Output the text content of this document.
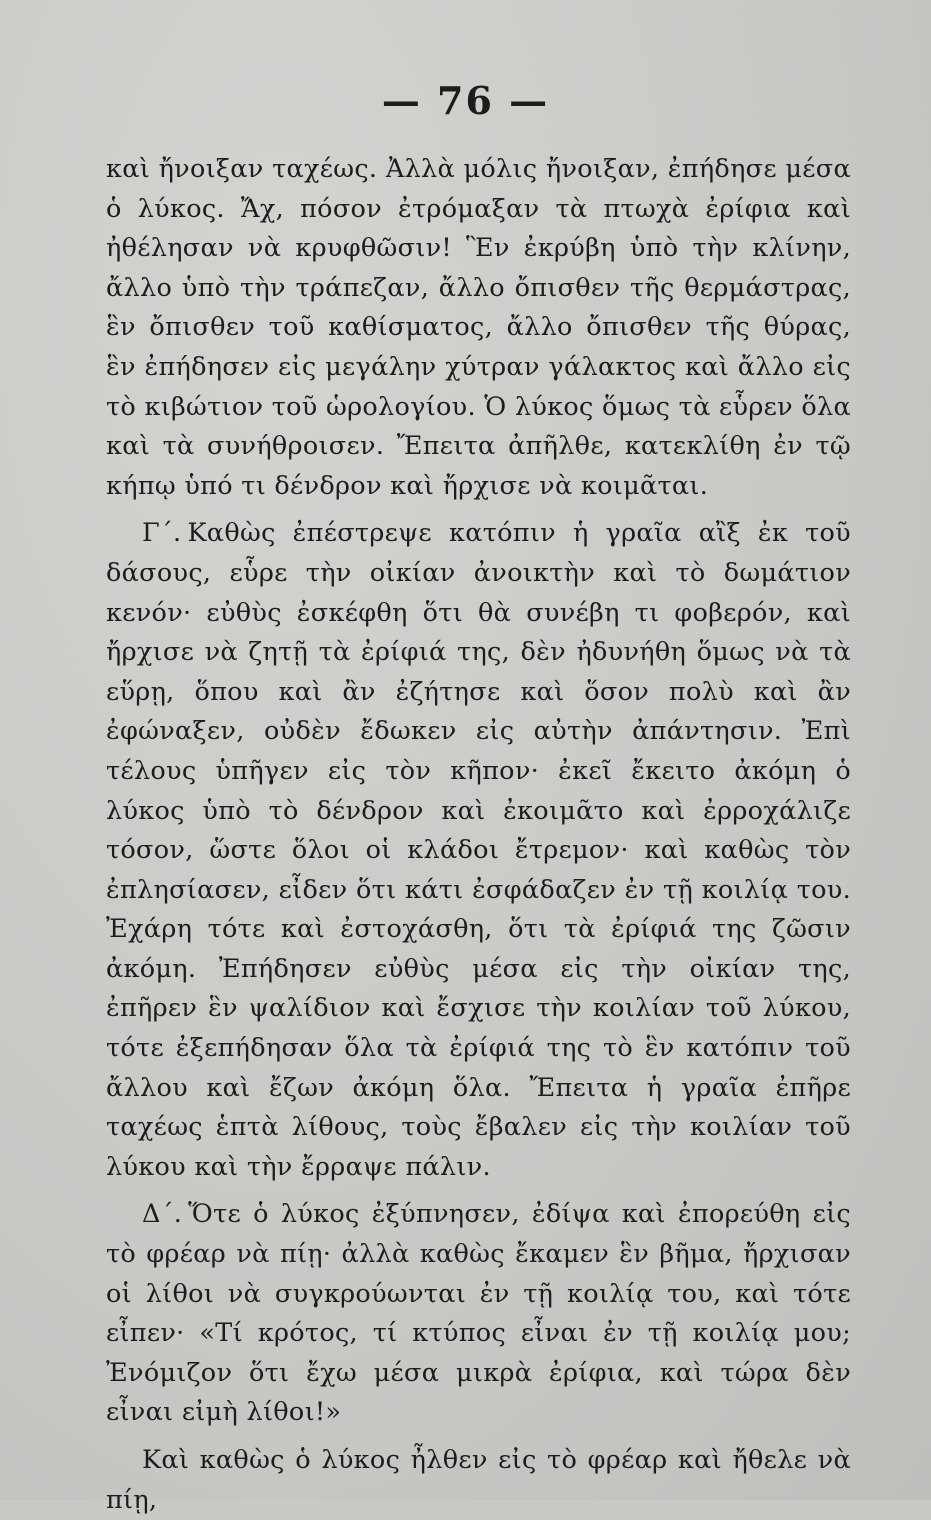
— 76 —

καὶ ἤνοιξαν ταχέως. Ἀλλὰ μόλις ἤνοιξαν, ἐπήδησε μέσα ὁ λύκος. Ἄχ, πόσον ἐτρόμαξαν τὰ πτωχὰ ἐρίφια καὶ ἠθέλησαν νὰ κρυφθῶσιν! Ἓν ἐκρύβη ὑπὸ τὴν κλίνην, ἄλλο ὑπὸ τὴν τράπεζαν, ἄλλο ὄπισθεν τῆς θερμάστρας, ἓν ὄπισθεν τοῦ καθίσματος, ἄλλο ὄπισθεν τῆς θύρας, ἓν ἐπήδησεν εἰς μεγάλην χύτραν γάλακτος καὶ ἄλλο εἰς τὸ κιβώτιον τοῦ ὡρολογίου. Ὁ λύκος ὅμως τὰ εὗρεν ὅλα καὶ τὰ συνήθροισεν. Ἔπειτα ἀπῆλθε, κατεκλίθη ἐν τῷ κήπῳ ὑπό τι δένδρον καὶ ἤρχισε νὰ κοιμᾶται.

Γ΄. Καθὼς ἐπέστρεψε κατόπιν ἡ γραῖα αἲξ ἐκ τοῦ δάσους, εὗρε τὴν οἰκίαν ἀνοικτὴν καὶ τὸ δωμάτιον κενόν· εὐθὺς ἐσκέφθη ὅτι θὰ συνέβη τι φοβερόν, καὶ ἤρχισε νὰ ζητῇ τὰ ἐρίφιά της, δὲν ἠδυνήθη ὅμως νὰ τὰ εὕρῃ, ὅπου καὶ ἂν ἐζήτησε καὶ ὅσον πολὺ καὶ ἂν ἐφώναξεν, οὐδὲν ἔδωκεν εἰς αὐτὴν ἀπάντησιν. Ἐπὶ τέλους ὑπῆγεν εἰς τὸν κῆπον· ἐκεῖ ἔκειτο ἀκόμη ὁ λύκος ὑπὸ τὸ δένδρον καὶ ἐκοιμᾶτο καὶ ἐρροχάλιζε τόσον, ὥστε ὅλοι οἱ κλάδοι ἔτρεμον· καὶ καθὼς τὸν ἐπλησίασεν, εἶδεν ὅτι κάτι ἐσφάδαζεν ἐν τῇ κοιλίᾳ του. Ἐχάρη τότε καὶ ἐστοχάσθη, ὅτι τὰ ἐρίφιά της ζῶσιν ἀκόμη. Ἐπήδησεν εὐθὺς μέσα εἰς τὴν οἰκίαν της, ἐπῆρεν ἓν ψαλίδιον καὶ ἔσχισε τὴν κοιλίαν τοῦ λύκου, τότε ἐξεπήδησαν ὅλα τὰ ἐρίφιά της τὸ ἓν κατόπιν τοῦ ἄλλου καὶ ἔζων ἀκόμη ὅλα. Ἔπειτα ἡ γραῖα ἐπῆρε ταχέως ἑπτὰ λίθους, τοὺς ἔβαλεν εἰς τὴν κοιλίαν τοῦ λύκου καὶ τὴν ἔρραψε πάλιν.

Δ΄. Ὅτε ὁ λύκος ἐξύπνησεν, ἐδίψα καὶ ἐπορεύθη εἰς τὸ φρέαρ νὰ πίῃ· ἀλλὰ καθὼς ἔκαμεν ἓν βῆμα, ἤρχισαν οἱ λίθοι νὰ συγκρούωνται ἐν τῇ κοιλίᾳ του, καὶ τότε εἶπεν· «Τί κρότος, τί κτύπος εἶναι ἐν τῇ κοιλίᾳ μου; Ἐνόμιζον ὅτι ἔχω μέσα μικρὰ ἐρίφια, καὶ τώρα δὲν εἶναι εἰμὴ λίθοι!»

Καὶ καθὼς ὁ λύκος ἦλθεν εἰς τὸ φρέαρ καὶ ἤθελε νὰ πίῃ,
